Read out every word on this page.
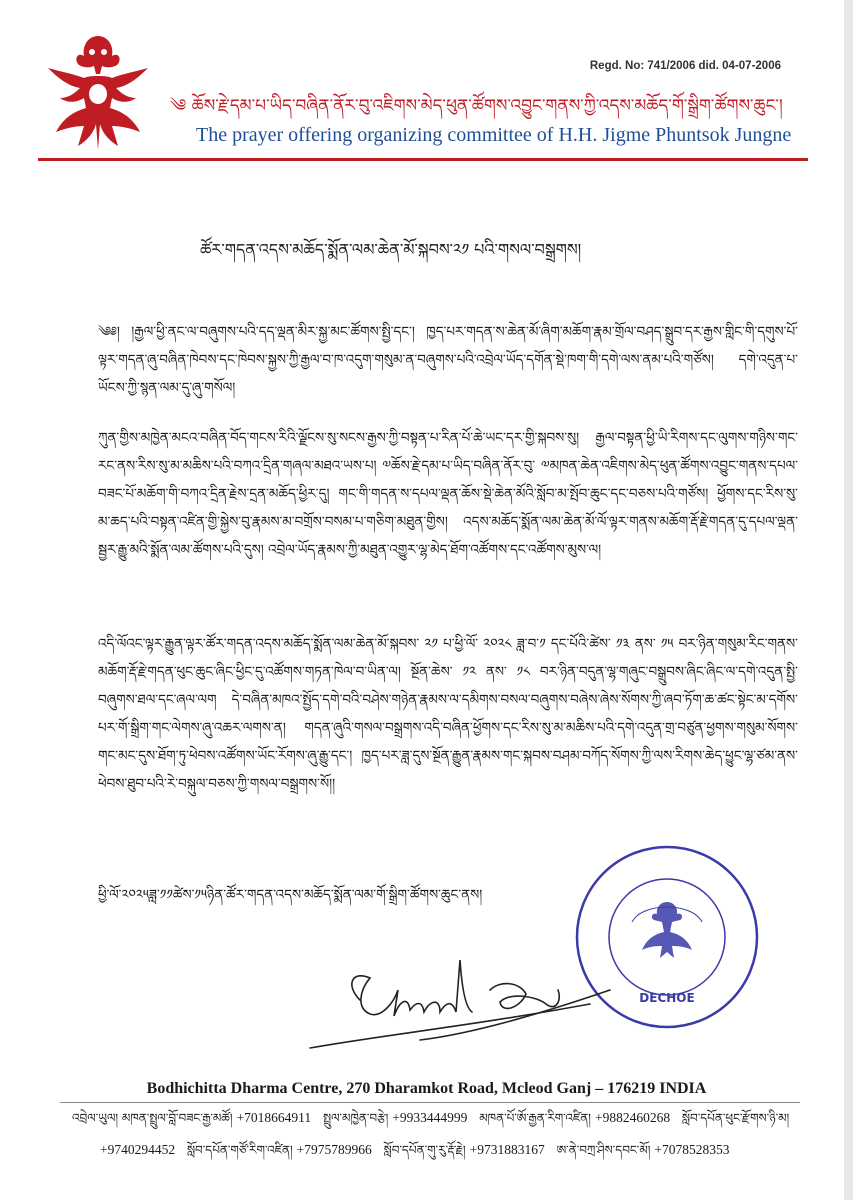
Regd. No: 741/2006 did. 04-07-2006
༄ ཆོས་རྗེ་དམ་པ་ཡིད་བཞིན་ནོར་བུ་འཇིགས་མེད་ཕུན་ཚོགས་འབྱུང་གནས་ཀྱི་འདས་མཆོད་གོ་སྒྲིག་ཚོགས་ཆུང་།
The prayer offering organizing committee of H.H. Jigme Phuntsok Jungne
ཚོར་གདན་འདས་མཆོད་སྨོན་ལམ་ཆེན་མོ་སྐབས་༢༡ པའི་གསལ་བསྒྲགས།
༄༅། །རྒྱལ་ཕྱི་ནང་ལ་བཞུགས་པའི་དད་ལྡན་མིར་སྐྱ་མང་ཚོགས་སྤྱི་དང་། ཁྱད་པར་གདན་ས་ཆེན་མོ་ཞིག་མཆོག་རྣམ་གྲོལ་བཤད་སྒྲུབ་དར་རྒྱས་གླིང་གི་དགུས་པོ་ལྟར་གདན་ཞུ་བཞིན་ཁེབས་དང་ཁེབས་སྐྱས་ཀྱི་རྒྱལ་བ་ཁ་འདུག་གསུམ་ན་བཞུགས་པའི་འབྲེལ་ཡོད་དགོན་སྡེ་ཁག་གི་དགེ་ལས་ནམ་པའི་གཙོས། དགེ་འདུན་པ་ཡོངས་ཀྱི་སྙན་ལམ་དུ་ཞུ་གསོལ།
ཀུན་གྱིས་མཁྱེན་མངའ་བཞིན་བོད་གངས་རིའི་ལྗོངས་སུ་སངས་རྒྱས་ཀྱི་བསྟན་པ་རིན་པོ་ཆེ་ཡང་དར་གྱི་སྐབས་སུ། རྒྱལ་བསྟན་ཕྱི་ཡི་རིགས་དང་ལུགས་གཉིས་གང་རང་ནས་རིས་སུ་མ་མཆིས་པའི་བཀའ་དྲིན་གཞལ་མཐའ་ཡས་པ། ༧ཆོས་རྗེ་དམ་པ་ཡིད་བཞིན་ནོར་བུ་ ༧མཁན་ཆེན་འཇིགས་མེད་ཕུན་ཚོགས་འབྱུང་གནས་དཔལ་བཟང་པོ་མཆོག་གི་བཀའ་དྲིན་རྗེས་དྲན་མཆོད་ཕྱིར་དུ། གང་གི་གདན་ས་དཔལ་ལྡན་ཆོས་སྡེ་ཆེན་མོའི་སློབ་མ་སྤོབ་ཆུང་དང་བཅས་པའི་གཙོས། ཕྱོགས་དང་རིས་སུ་མ་ཆད་པའི་བསྟན་འཛིན་གྱི་སྐྱེས་བུ་རྣམས་མ་བགྲོས་བསམ་པ་གཅིག་མཐུན་གྱིས། འདས་མཆོད་སྨོན་ལམ་ཆེན་མོ་ལོ་ལྟར་གནས་མཆོག་རྡོ་རྗེ་གདན་དུ་དཔལ་ལྡན་སྦྱར་རྒྱུ་མའི་སྨོན་ལམ་ཚོགས་པའི་དུས། འབྲེལ་ཡོད་རྣམས་ཀྱི་མཐུན་འགྱུར་ལྷ་མེད་ཐོག་འཚོགས་དང་འཚོགས་མུས་ལ།
འདི་ལོའང་ལྟར་རྒྱུན་ལྟར་ཚོར་གདན་འདས་མཆོད་སྨོན་ལམ་ཆེན་མོ་སྐབས་ ༢༡ པ་ཕྱི་ལོ་ ༢༠༢༨ ཟླ་བ་༡ དང་པོའི་ཚེས་ ༡༣ ནས་ ༡༥ བར་ཉིན་གསུམ་རིང་གནས་མཆོག་རྡོ་རྗེ་གདན་ཕུང་ཆུང་ཞིང་ཕྱིང་དུ་འཚོགས་གཏན་ཁེལ་བ་ཡིན་ལ། སྔོན་ཆེས་ ༡༢ ནས་ ༡༨ བར་ཉིན་བདུན་ལྷ་གཞུང་བསྒྲུབས་ཞིང་ཞིང་ལ་དགེ་འདུན་སྤྱི་བཞུགས་ཐལ་དང་ཞལ་ལག དེ་བཞིན་མཁའ་སྤྱོད་དགེ་བའི་བཤེས་གཉེན་རྣམས་ལ་དམིགས་བསལ་བཞུགས་བཞེས་ཞེས་སོགས་ཀྱི་ཞབ་ཏོག་ཆ་ཚང་སྟེང་མ་དགོས་པར་གོ་སྒྲིག་གང་ལེགས་ཞུ་འཆར་ལགས་ན། གདན་ཞུའི་གསལ་བསྒྲགས་འདི་བཞིན་ཕྱོགས་དང་རིས་སུ་མ་མཆིས་པའི་དགེ་འདུན་གྲ་བཙུན་ཕྱགས་གསུམ་སོགས་གང་མང་དུས་ཐོག་ཏུ་ཕེབས་འཚོགས་ཡོང་རོགས་ཞུ་རྒྱུ་དང་། ཁྱད་པར་ཟླ་དུས་སྔོན་རྒྱུན་རྣམས་གང་སྐབས་བཤམ་བཀོད་སོགས་ཀྱི་ལས་རིགས་ཆེད་ཕྱུང་ལྷ་ཙམ་ནས་ཕེབས་ཐུབ་པའི་རེ་བསྐུལ་བཅས་ཀྱི་གསལ་བསྒྲགས་སོ།།
ཕྱི་ལོ་༢༠༢༥ཟླ་༡༡ཚེས་༡༥ཉིན་ཚོར་གདན་འདས་མཆོད་སྨོན་ལམ་གོ་སྒྲིག་ཚོགས་ཆུང་ནས།
DECHOE
Bodhichitta Dharma Centre, 270 Dharamkot Road, Mcleod Ganj – 176219 INDIA
འབྲེལ་ཡུལ། མཁན་སྤྲུལ་བློ་བཟང་རྒྱ་མཚོ། +7018664911 སྤྲུལ་མཁྱེན་བརྩེ། +9933444999 མཁན་པོ་ཨོ་རྒྱན་རིག་འཛིན། +9882460268 སློབ་དཔོན་ཕུང་རྫོགས་ཉི་མ།
+9740294452 སློབ་དཔོན་གཙོ་རིག་འཛིན། +7975789966 སློབ་དཔོན་གུ་རུ་རྡོ་རྗེ། +9731883167 ཨ་ནེ་བཀྲ་ཤིས་དབང་མོ། +7078528353
